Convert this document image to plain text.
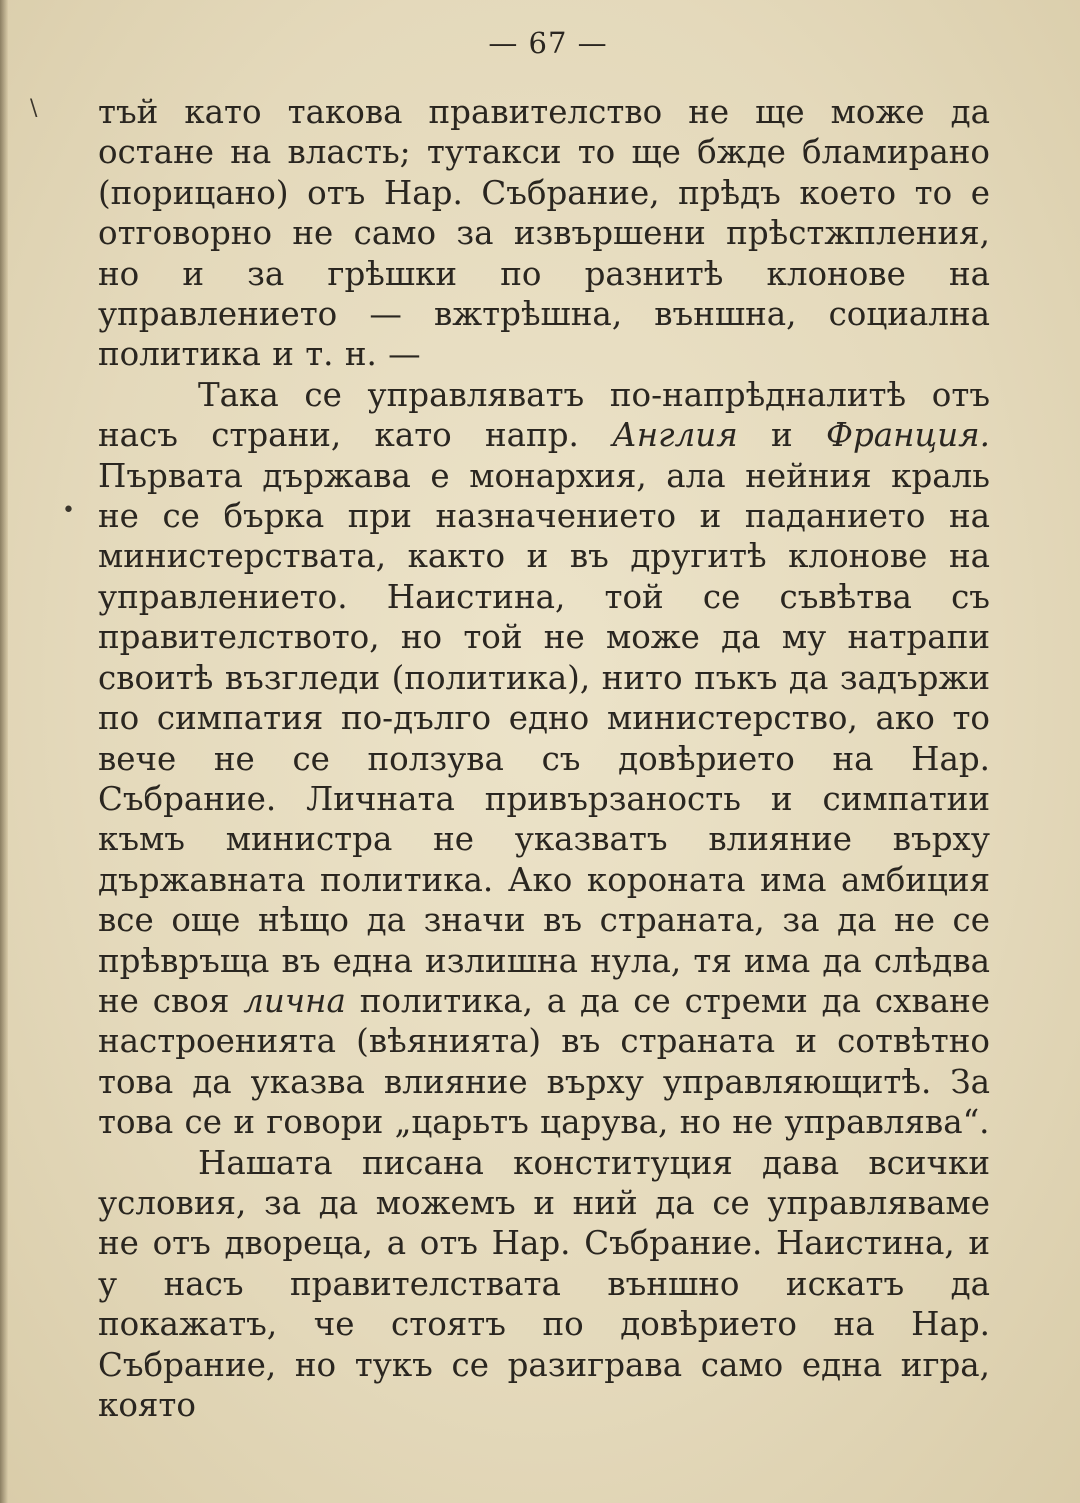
\
•
— 67 —

тъй като такова правителство не ще може да остане на власть; тутакси то ще бжде бламирано (порицано) отъ Нар. Събрание, прѣдъ което то е отговорно не само за извършени прѣстжпления, но и за грѣшки по разнитѣ клонове на управлението — вжтрѣшна, външна, социална политика и т. н. —

Така се управляватъ по-напрѣдналитѣ отъ насъ страни, като напр. Англия и Франция. Първата държава е монархия, ала нейния краль не се бърка при назначението и паданието на министерствата, както и въ другитѣ клонове на управлението. Наистина, той се съвѣтва съ правителството, но той не може да му натрапи своитѣ възгледи (политика), нито пъкъ да задържи по симпатия по-дълго едно министерство, ако то вече не се ползува съ довѣрието на Нар. Събрание. Личната привързаность и симпатии къмъ министра не указватъ влияние върху държавната политика. Ако короната има амбиция все още нѣщо да значи въ страната, за да не се прѣвръща въ една излишна нула, тя има да слѣдва не своя лична политика, а да се стреми да схване настроенията (вѣянията) въ страната и сотвѣтно това да указва влияние върху управляющитѣ. За това се и говори „царьтъ царува, но не управлява“.

Нашата писана конституция дава всички условия, за да можемъ и ний да се управляваме не отъ двореца, а отъ Нар. Събрание. Наистина, и у насъ правителствата външно искатъ да покажатъ, че стоятъ по довѣрието на Нар. Събрание, но тукъ се разиграва само една игра, която
